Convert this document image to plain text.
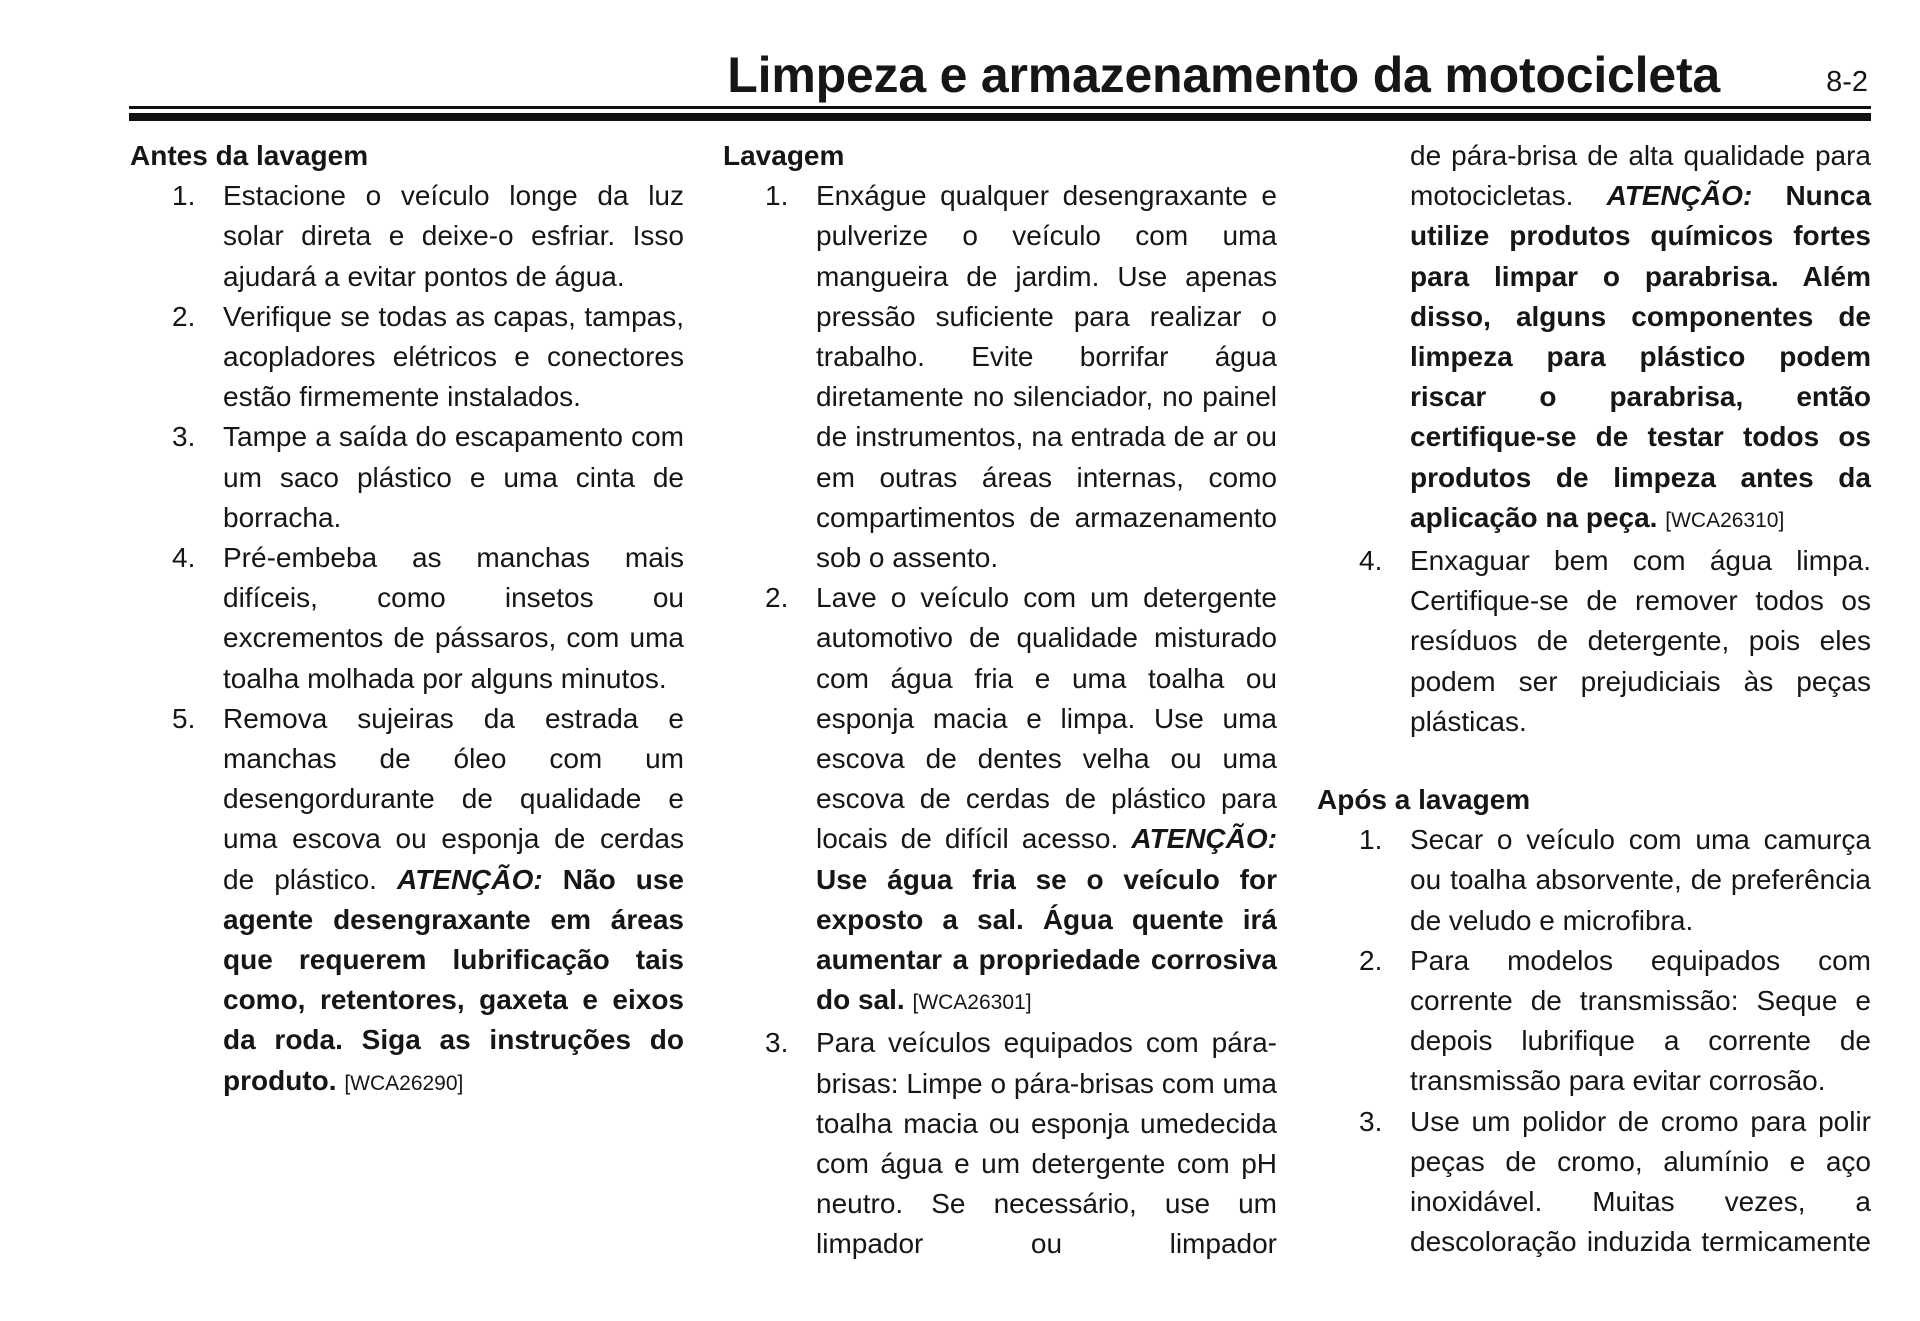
Limpeza e armazenamento da motocicleta	8-2
Antes da lavagem
1. Estacione o veículo longe da luz solar direta e deixe-o esfriar. Isso ajudará a evitar pontos de água.
2. Verifique se todas as capas, tampas, acopladores elétricos e conectores estão firmemente instalados.
3. Tampe a saída do escapamento com um saco plástico e uma cinta de borracha.
4. Pré-embeba as manchas mais difíceis, como insetos ou excrementos de pássaros, com uma toalha molhada por alguns minutos.
5. Remova sujeiras da estrada e manchas de óleo com um desengordurante de qualidade e uma escova ou esponja de cerdas de plástico. ATENÇÃO: Não use agente desengraxante em áreas que requerem lubrificação tais como, retentores, gaxeta e eixos da roda. Siga as instruções do produto. [WCA26290]
Lavagem
1. Enxágue qualquer desengraxante e pulverize o veículo com uma mangueira de jardim. Use apenas pressão suficiente para realizar o trabalho. Evite borrifar água diretamente no silenciador, no painel de instrumentos, na entrada de ar ou em outras áreas internas, como compartimentos de armazenamento sob o assento.
2. Lave o veículo com um detergente automotivo de qualidade misturado com água fria e uma toalha ou esponja macia e limpa. Use uma escova de dentes velha ou uma escova de cerdas de plástico para locais de difícil acesso. ATENÇÃO: Use água fria se o veículo for exposto a sal. Água quente irá aumentar a propriedade corrosiva do sal. [WCA26301]
3. Para veículos equipados com pára-brisas: Limpe o pára-brisas com uma toalha macia ou esponja umedecida com água e um detergente com pH neutro. Se necessário, use um limpador ou limpador
de pára-brisa de alta qualidade para motocicletas. ATENÇÃO: Nunca utilize produtos químicos fortes para limpar o parabrisa. Além disso, alguns componentes de limpeza para plástico podem riscar o parabrisa, então certifique-se de testar todos os produtos de limpeza antes da aplicação na peça. [WCA26310]
4. Enxaguar bem com água limpa. Certifique-se de remover todos os resíduos de detergente, pois eles podem ser prejudiciais às peças plásticas.
Após a lavagem
1. Secar o veículo com uma camurça ou toalha absorvente, de preferência de veludo e microfibra.
2. Para modelos equipados com corrente de transmissão: Seque e depois lubrifique a corrente de transmissão para evitar corrosão.
3. Use um polidor de cromo para polir peças de cromo, alumínio e aço inoxidável. Muitas vezes, a descoloração induzida termicamente
